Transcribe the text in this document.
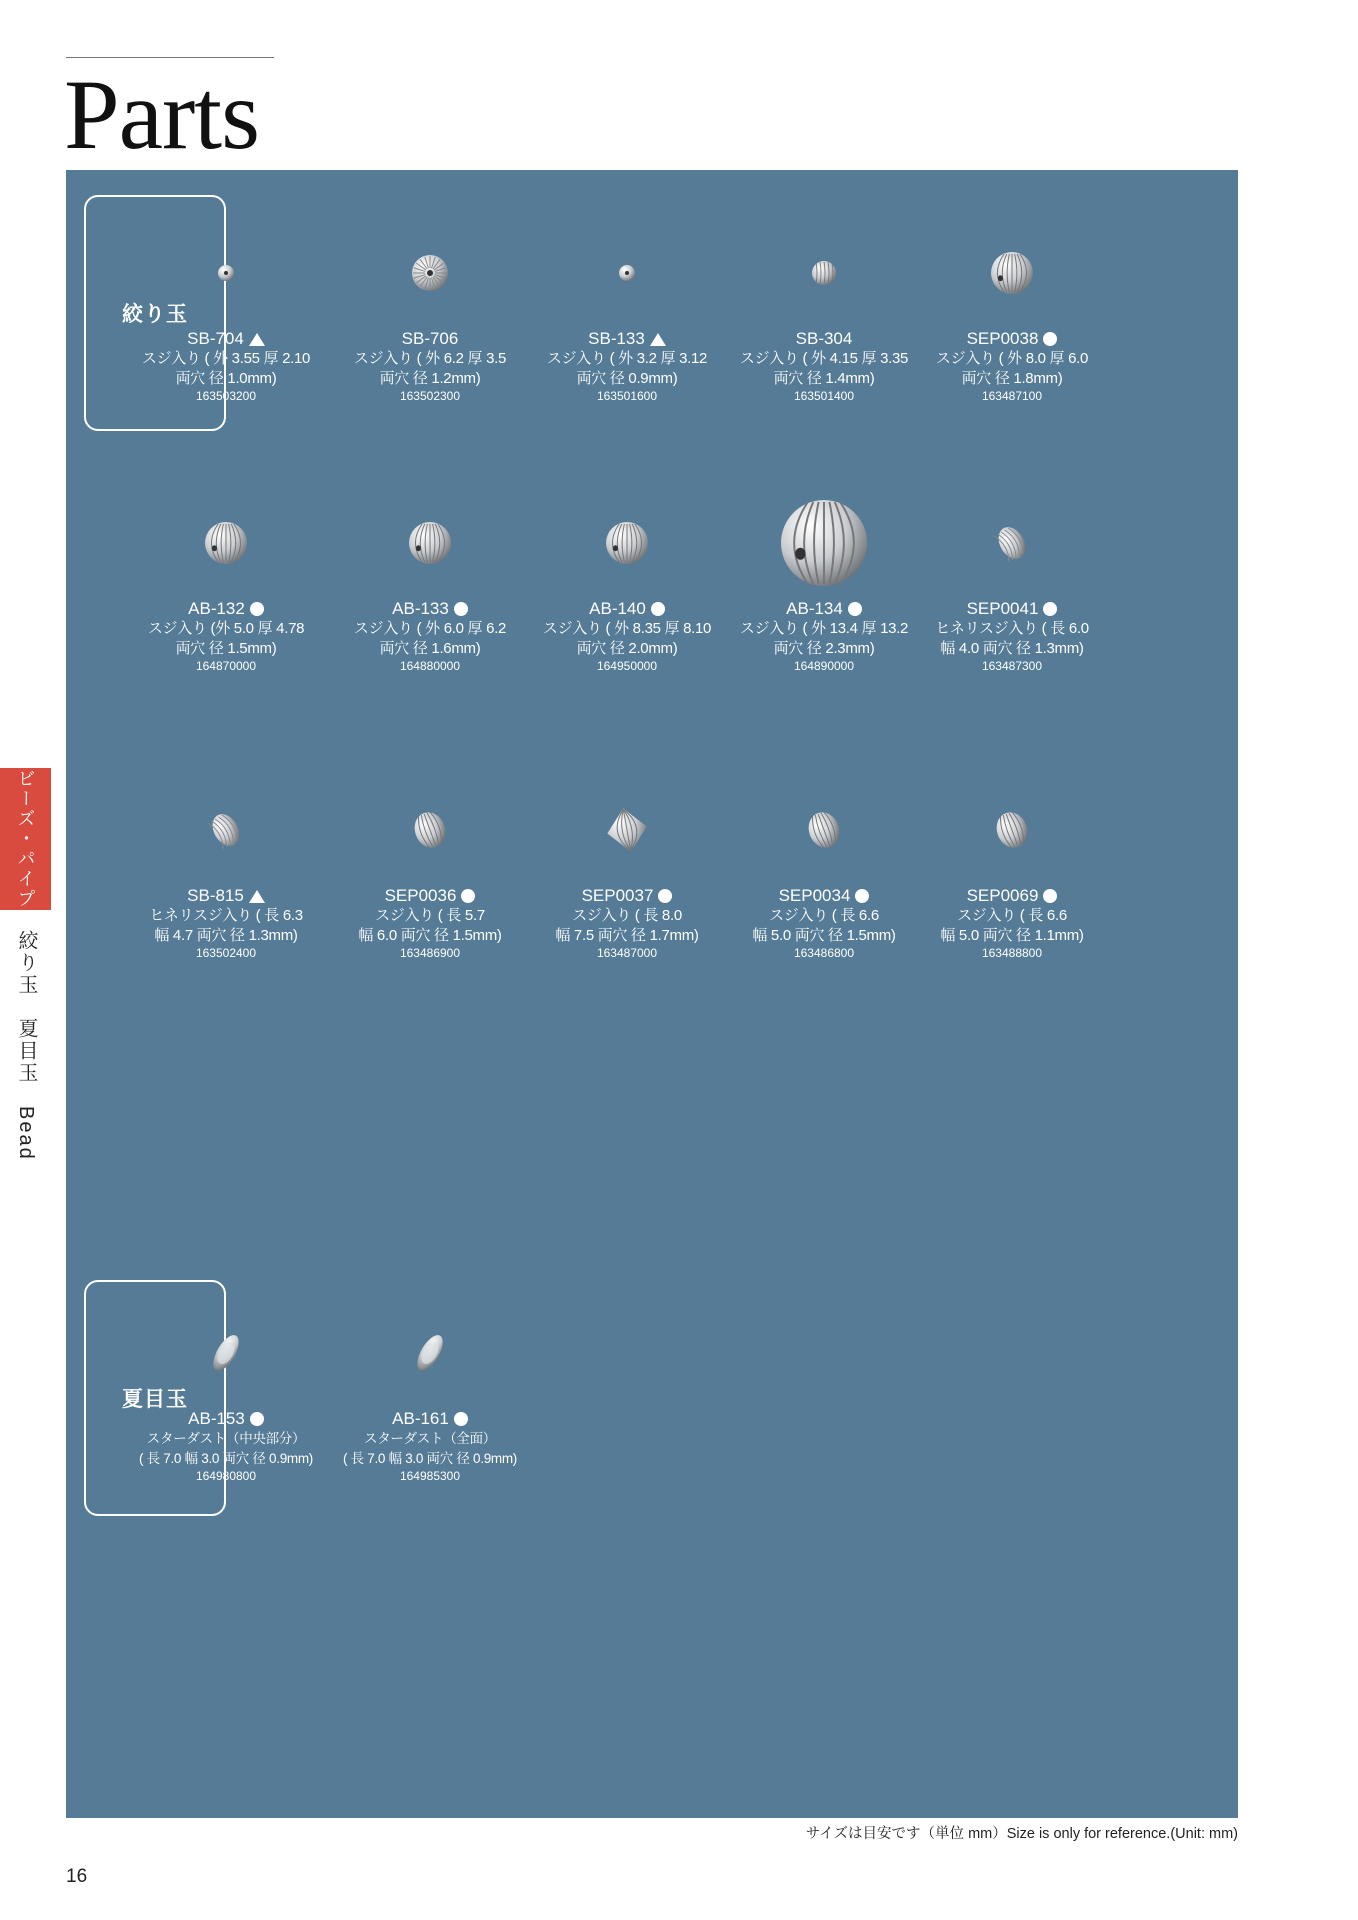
Parts
ビーズ・パイプ
絞り玉　夏目玉　Bead
絞り玉
夏目玉
SB-704
スジ入り ( 外 3.55 厚 2.10
両穴 径 1.0mm)
163503200
SB-706
スジ入り ( 外 6.2 厚 3.5
両穴 径 1.2mm)
163502300
SB-133
スジ入り ( 外 3.2 厚 3.12
両穴 径 0.9mm)
163501600
SB-304
スジ入り ( 外 4.15 厚 3.35
両穴 径 1.4mm)
163501400
SEP0038
スジ入り ( 外 8.0 厚 6.0
両穴 径 1.8mm)
163487100
AB-132
スジ入り (外 5.0 厚 4.78
両穴 径 1.5mm)
164870000
AB-133
スジ入り ( 外 6.0 厚 6.2
両穴 径 1.6mm)
164880000
AB-140
スジ入り ( 外 8.35 厚 8.10
両穴 径 2.0mm)
164950000
AB-134
スジ入り ( 外 13.4 厚 13.2
両穴 径 2.3mm)
164890000
SEP0041
ヒネリスジ入り ( 長 6.0
幅 4.0 両穴 径 1.3mm)
163487300
SB-815
ヒネリスジ入り ( 長 6.3
幅 4.7 両穴 径 1.3mm)
163502400
SEP0036
スジ入り ( 長 5.7
幅 6.0 両穴 径 1.5mm)
163486900
SEP0037
スジ入り ( 長 8.0
幅 7.5 両穴 径 1.7mm)
163487000
SEP0034
スジ入り ( 長 6.6
幅 5.0 両穴 径 1.5mm)
163486800
SEP0069
スジ入り ( 長 6.6
幅 5.0 両穴 径 1.1mm)
163488800
AB-153
スターダスト（中央部分）
( 長 7.0 幅 3.0 両穴 径 0.9mm)
164980800
AB-161
スターダスト（全面）
( 長 7.0 幅 3.0 両穴 径 0.9mm)
164985300
サイズは目安です（単位 mm）Size is only for reference.(Unit: mm)
16
